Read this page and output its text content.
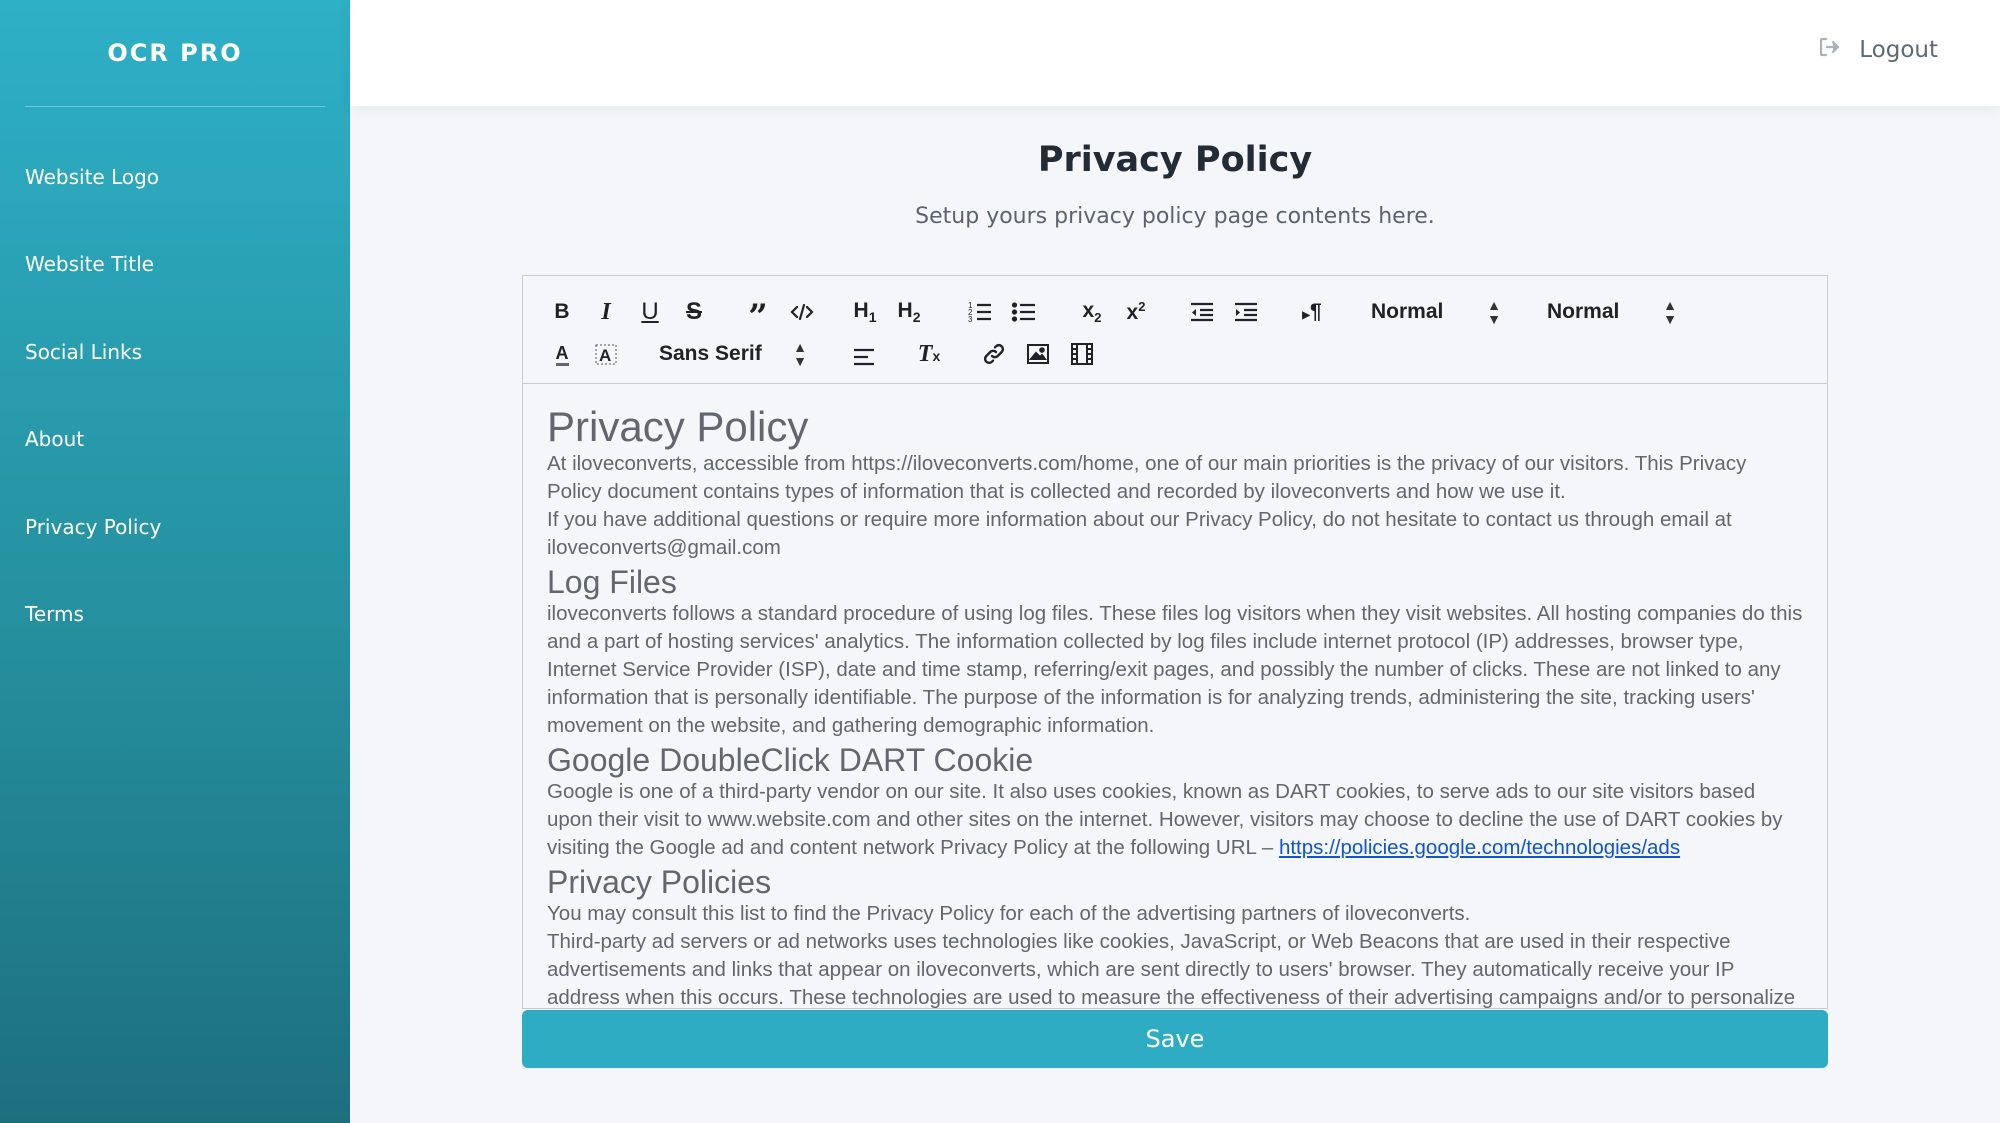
OCR PRO
Website Logo
Website Title
Social Links
About
Privacy Policy
Terms
Logout
Privacy Policy

Setup yours privacy policy page contents here.

B I U S ”	$H_1$ $H_2$
1
2
3	$x_2$ $x^2$
▶¶ Normal	▲
▼ Normal	▲
▼
A A Sans Serif ▲
▼	Tx
Privacy Policy

At iloveconverts, accessible from https://iloveconverts.com/home, one of our main priorities is the privacy of our visitors. This Privacy Policy document contains types of information that is collected and recorded by iloveconverts and how we use it.

If you have additional questions or require more information about our Privacy Policy, do not hesitate to contact us through email at iloveconverts@gmail.com

Log Files

iloveconverts follows a standard procedure of using log files. These files log visitors when they visit websites. All hosting companies do this and a part of hosting services' analytics. The information collected by log files include internet protocol (IP) addresses, browser type, Internet Service Provider (ISP), date and time stamp, referring/exit pages, and possibly the number of clicks. These are not linked to any information that is personally identifiable. The purpose of the information is for analyzing trends, administering the site, tracking users' movement on the website, and gathering demographic information.

Google DoubleClick DART Cookie

Google is one of a third-party vendor on our site. It also uses cookies, known as DART cookies, to serve ads to our site visitors based upon their visit to www.website.com and other sites on the internet. However, visitors may choose to decline the use of DART cookies by visiting the Google ad and content network Privacy Policy at the following URL – https://policies.google.com/technologies/ads

Privacy Policies

You may consult this list to find the Privacy Policy for each of the advertising partners of iloveconverts.

Third-party ad servers or ad networks uses technologies like cookies, JavaScript, or Web Beacons that are used in their respective advertisements and links that appear on iloveconverts, which are sent directly to users' browser. They automatically receive your IP address when this occurs. These technologies are used to measure the effectiveness of their advertising campaigns and/or to personalize

Save
